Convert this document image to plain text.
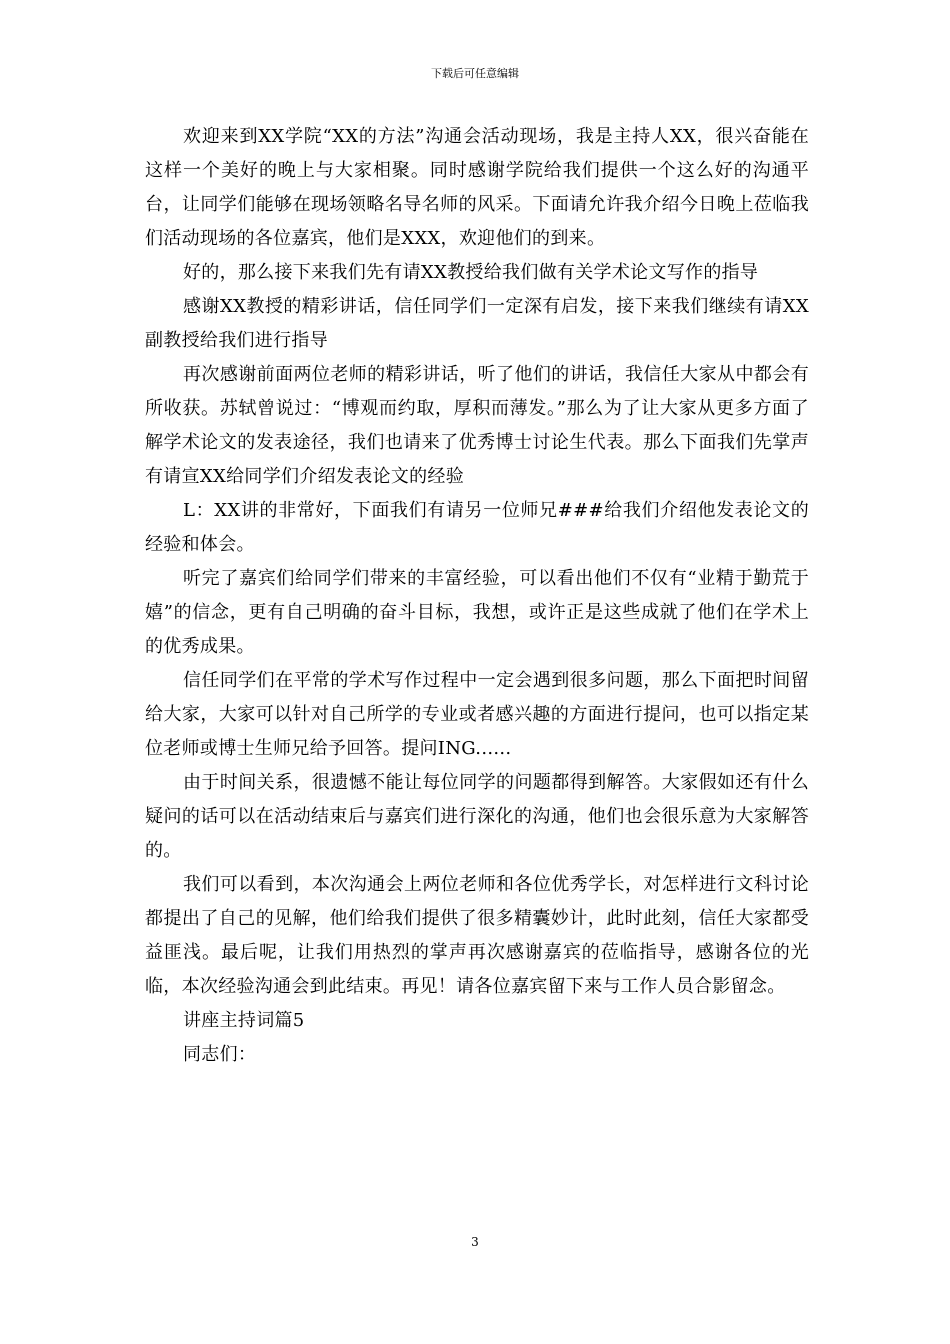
下载后可任意编辑

欢迎来到XX学院“XX的方法”沟通会活动现场，我是主持人XX，很兴奋能在这样一个美好的晚上与大家相聚。同时感谢学院给我们提供一个这么好的沟通平台，让同学们能够在现场领略名导名师的风采。下面请允许我介绍今日晚上莅临我们活动现场的各位嘉宾，他们是XXX，欢迎他们的到来。

好的，那么接下来我们先有请XX教授给我们做有关学术论文写作的指导

感谢XX教授的精彩讲话，信任同学们一定深有启发，接下来我们继续有请XX副教授给我们进行指导

再次感谢前面两位老师的精彩讲话，听了他们的讲话，我信任大家从中都会有所收获。苏轼曾说过：“博观而约取，厚积而薄发。”那么为了让大家从更多方面了解学术论文的发表途径，我们也请来了优秀博士讨论生代表。那么下面我们先掌声有请宣XX给同学们介绍发表论文的经验

L：XX讲的非常好，下面我们有请另一位师兄###给我们介绍他发表论文的经验和体会。

听完了嘉宾们给同学们带来的丰富经验，可以看出他们不仅有“业精于勤荒于嬉”的信念，更有自己明确的奋斗目标，我想，或许正是这些成就了他们在学术上的优秀成果。

信任同学们在平常的学术写作过程中一定会遇到很多问题，那么下面把时间留给大家，大家可以针对自己所学的专业或者感兴趣的方面进行提问，也可以指定某位老师或博士生师兄给予回答。提问ING......

由于时间关系，很遗憾不能让每位同学的问题都得到解答。大家假如还有什么疑问的话可以在活动结束后与嘉宾们进行深化的沟通，他们也会很乐意为大家解答的。

我们可以看到，本次沟通会上两位老师和各位优秀学长，对怎样进行文科讨论都提出了自己的见解，他们给我们提供了很多精囊妙计，此时此刻，信任大家都受益匪浅。最后呢，让我们用热烈的掌声再次感谢嘉宾的莅临指导，感谢各位的光临，本次经验沟通会到此结束。再见！请各位嘉宾留下来与工作人员合影留念。

讲座主持词篇5

同志们：

3
